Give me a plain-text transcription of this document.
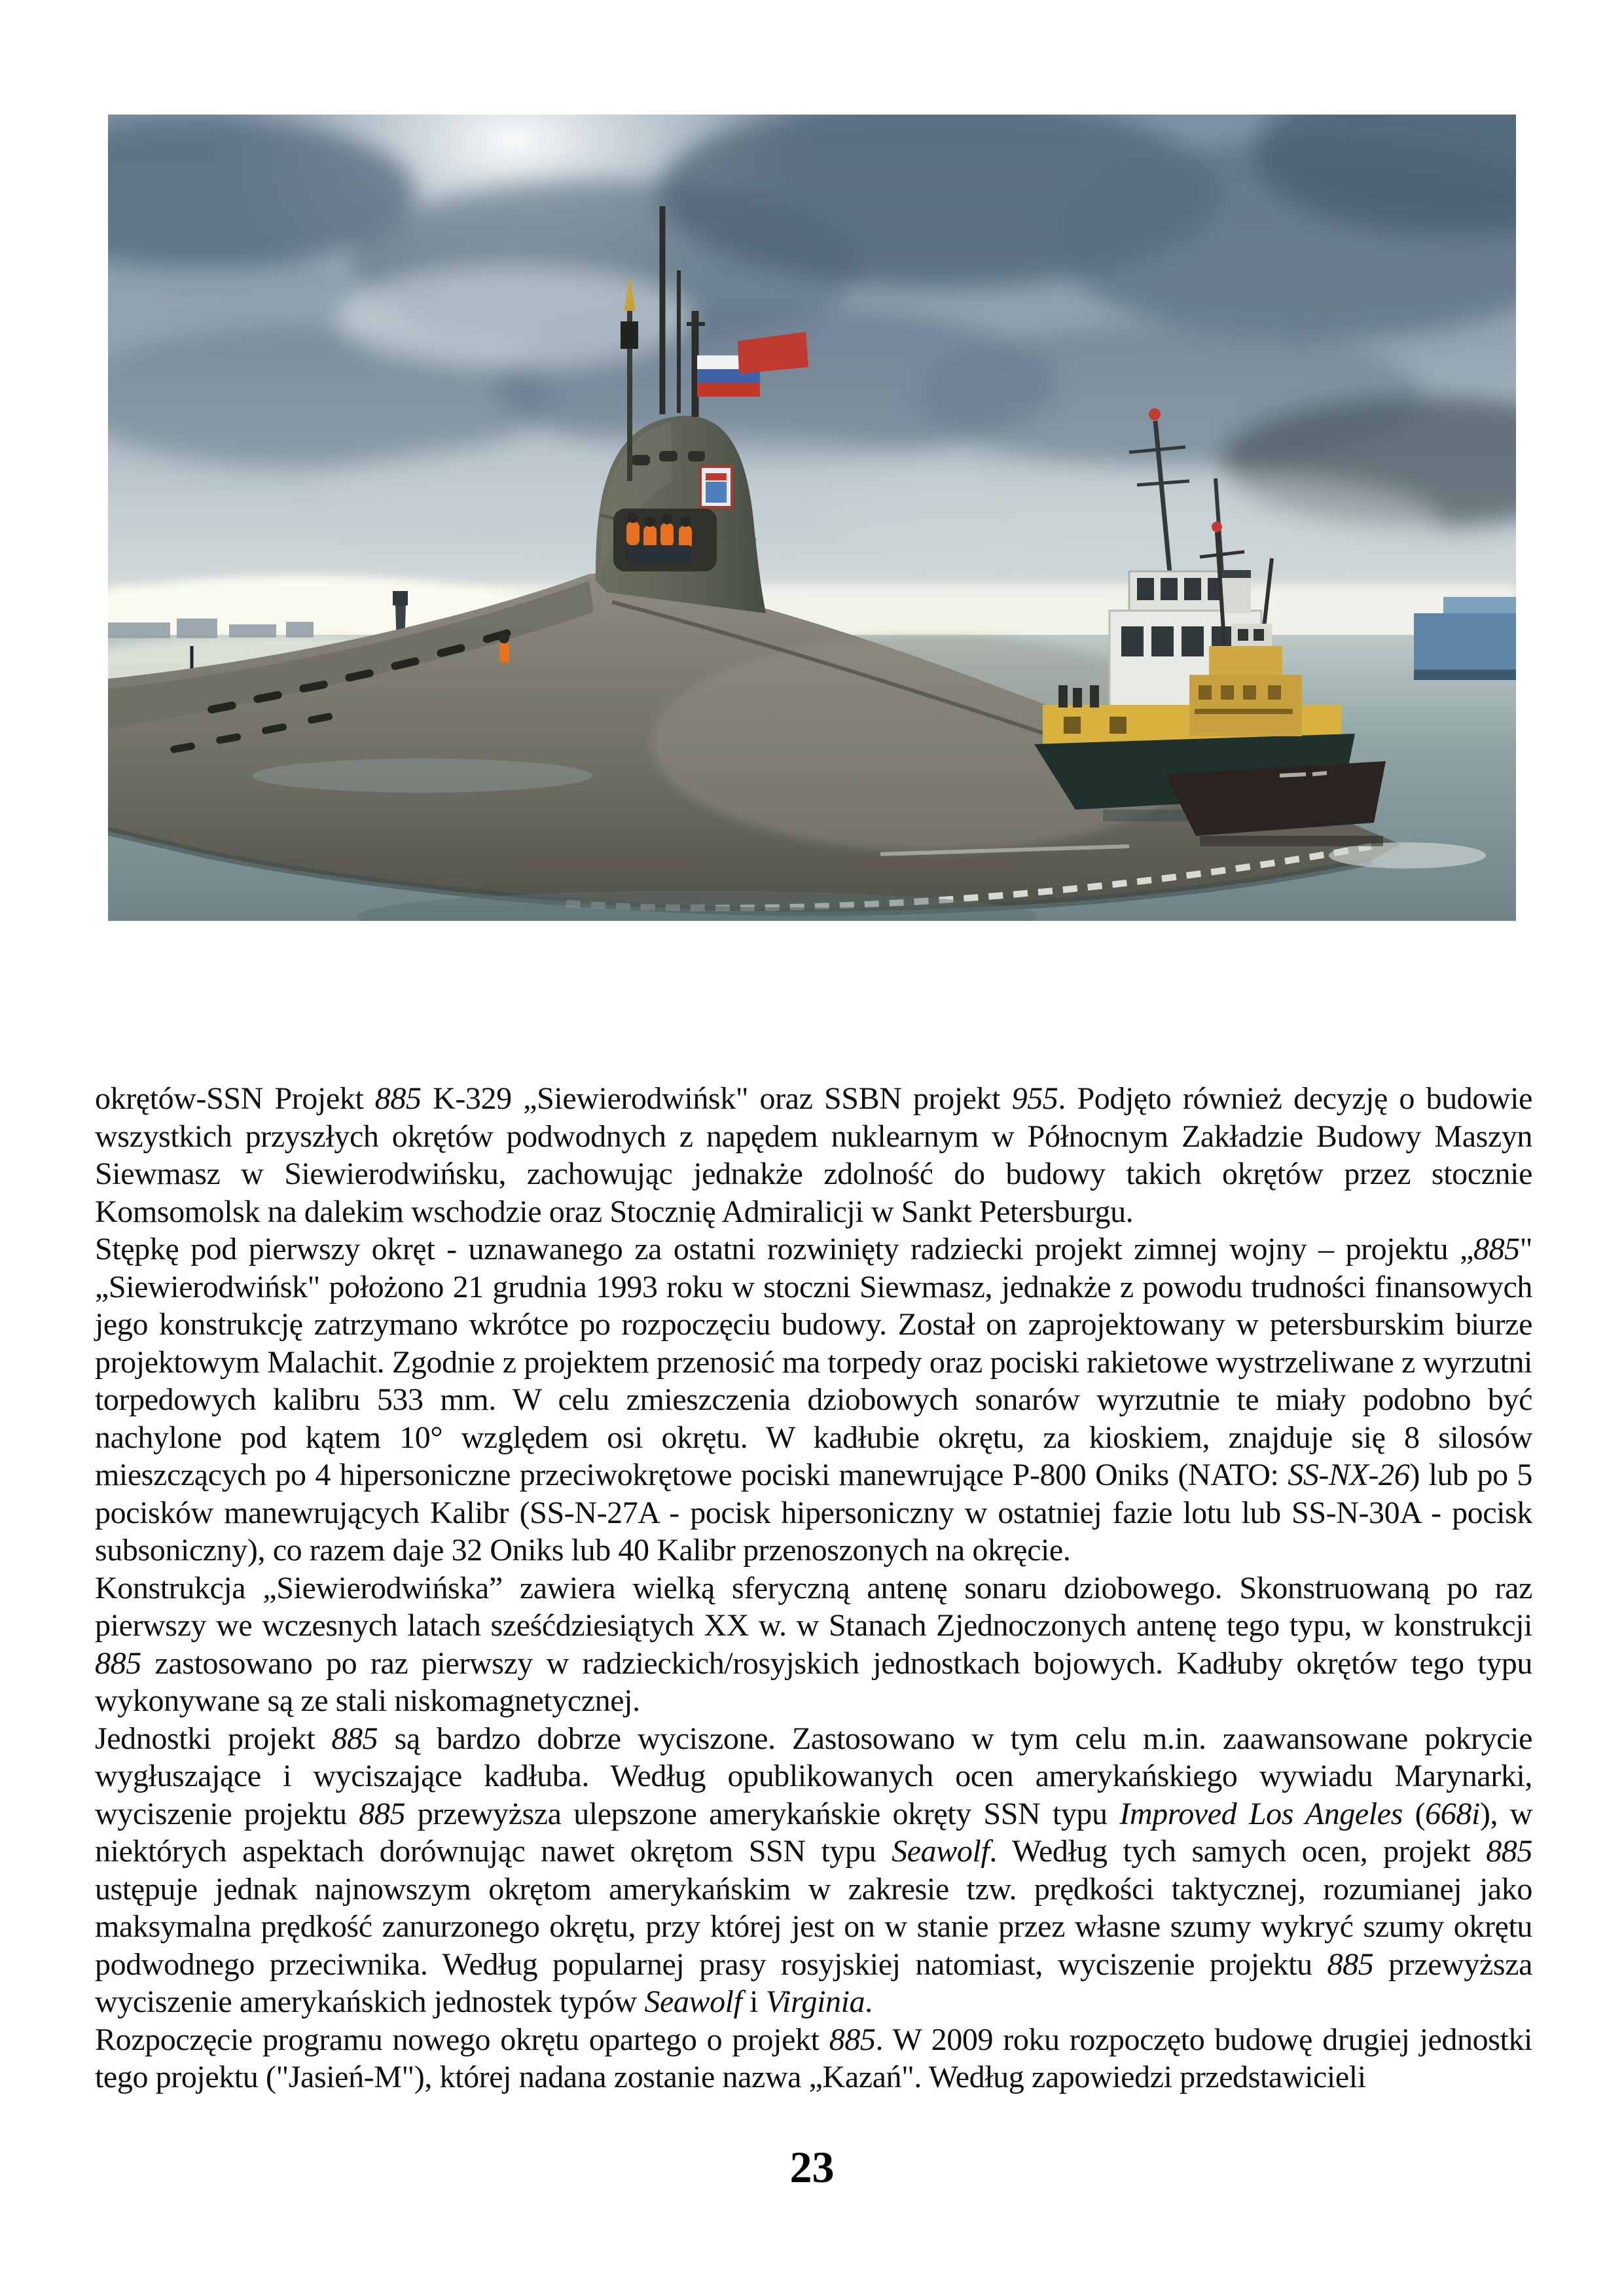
okrętów-SSN Projekt 885 K-329 „Siewierodwińsk" oraz SSBN projekt 955. Podjęto również decyzję o budowie wszystkich przyszłych okrętów podwodnych z napędem nuklearnym w Północnym Zakładzie Budowy Maszyn Siewmasz w Siewierodwińsku, zachowując jednakże zdolność do budowy takich okrętów przez stocznie Komsomolsk na dalekim wschodzie oraz Stocznię Admiralicji w Sankt Petersburgu.

Stępkę pod pierwszy okręt - uznawanego za ostatni rozwinięty radziecki projekt zimnej wojny – projektu „885" „Siewierodwińsk" położono 21 grudnia 1993 roku w stoczni Siewmasz, jednakże z powodu trudności finansowych jego konstrukcję zatrzymano wkrótce po rozpoczęciu budowy. Został on zaprojektowany w petersburskim biurze projektowym Malachit. Zgodnie z projektem przenosić ma torpedy oraz pociski rakietowe wystrzeliwane z wyrzutni torpedowych kalibru 533 mm. W celu zmieszczenia dziobowych sonarów wyrzutnie te miały podobno być nachylone pod kątem 10° względem osi okrętu. W kadłubie okrętu, za kioskiem, znajduje się 8 silosów mieszczących po 4 hipersoniczne przeciwokrętowe pociski manewrujące P-800 Oniks (NATO: SS-NX-26) lub po 5 pocisków manewrujących Kalibr (SS-N-27A - pocisk hipersoniczny w ostatniej fazie lotu lub SS-N-30A - pocisk subsoniczny), co razem daje 32 Oniks lub 40 Kalibr przenoszonych na okręcie.

Konstrukcja „Siewierodwińska” zawiera wielką sferyczną antenę sonaru dziobowego. Skonstruowaną po raz pierwszy we wczesnych latach sześćdziesiątych XX w. w Stanach Zjednoczonych antenę tego typu, w konstrukcji 885 zastosowano po raz pierwszy w radzieckich/rosyjskich jednostkach bojowych. Kadłuby okrętów tego typu wykonywane są ze stali niskomagnetycznej.

Jednostki projekt 885 są bardzo dobrze wyciszone. Zastosowano w tym celu m.in. zaawansowane pokrycie wygłuszające i wyciszające kadłuba. Według opublikowanych ocen amerykańskiego wywiadu Marynarki, wyciszenie projektu 885 przewyższa ulepszone amerykańskie okręty SSN typu Improved Los Angeles (668i), w niektórych aspektach dorównując nawet okrętom SSN typu Seawolf. Według tych samych ocen, projekt 885 ustępuje jednak najnowszym okrętom amerykańskim w zakresie tzw. prędkości taktycznej, rozumianej jako maksymalna prędkość zanurzonego okrętu, przy której jest on w stanie przez własne szumy wykryć szumy okrętu podwodnego przeciwnika. Według popularnej prasy rosyjskiej natomiast, wyciszenie projektu 885 przewyższa wyciszenie amerykańskich jednostek typów Seawolf i Virginia.

Rozpoczęcie programu nowego okrętu opartego o projekt 885. W 2009 roku rozpoczęto budowę drugiej jednostki tego projektu ("Jasień-M"), której nadana zostanie nazwa „Kazań". Według zapowiedzi przedstawicieli

23
